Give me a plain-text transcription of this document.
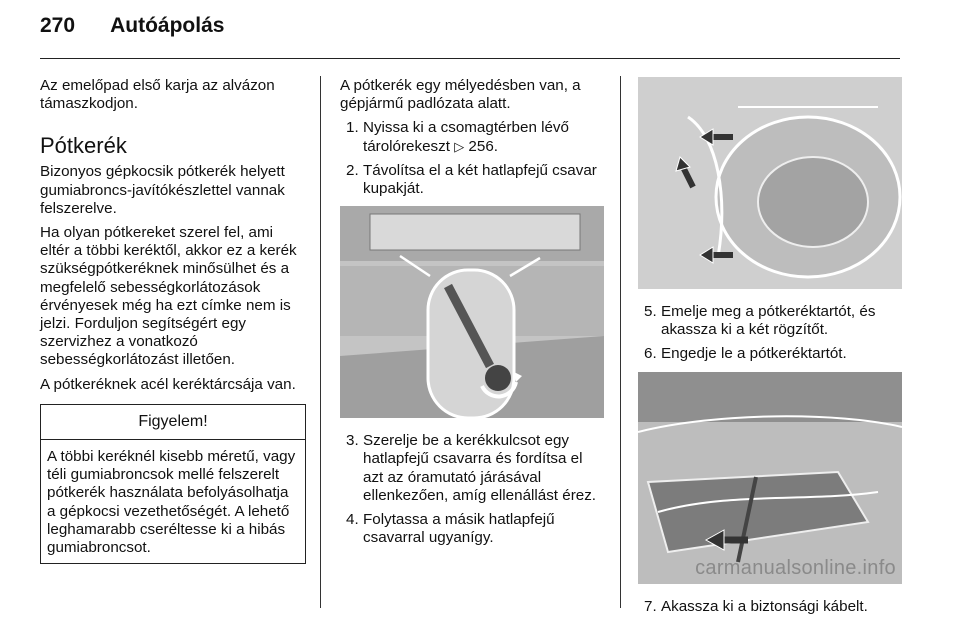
270 Autóápolás

Az emelőpad első karja az alvázon támaszkodjon.

Pótkerék

Bizonyos gépkocsik pótkerék helyett gumiabroncs-javítókészlettel vannak felszerelve.

Ha olyan pótkereket szerel fel, ami eltér a többi keréktől, akkor ez a kerék szükségpótkeréknek minősülhet és a megfelelő sebességkorlátozások érvényesek még ha ezt címke nem is jelzi. Forduljon segítségért egy szervizhez a vonatkozó sebességkorlátozást illetően.

A pótkeréknek acél keréktárcsája van.

Figyelem!
A többi keréknél kisebb méretű, vagy téli gumiabroncsok mellé felszerelt pótkerék használata befolyásolhatja a gépkocsi vezethetőségét. A lehető leghamarabb cseréltesse ki a hibás gumiabroncsot.

A pótkerék egy mélyedésben van, a gépjármű padlózata alatt.

1. Nyissa ki a csomagtérben lévő tárolórekeszt ▷ 256.
2. Távolítsa el a két hatlapfejű csavar kupakját.
3. Szerelje be a kerékkulcsot egy hatlapfejű csavarra és fordítsa el azt az óramutató járásával ellenkezően, amíg ellenállást érez.
4. Folytassa a másik hatlapfejű csavarral ugyanígy.
5. Emelje meg a pótkeréktartót, és akassza ki a két rögzítőt.
6. Engedje le a pótkeréktartót.
carmanualsonline.info
7. Akassza ki a biztonsági kábelt.
